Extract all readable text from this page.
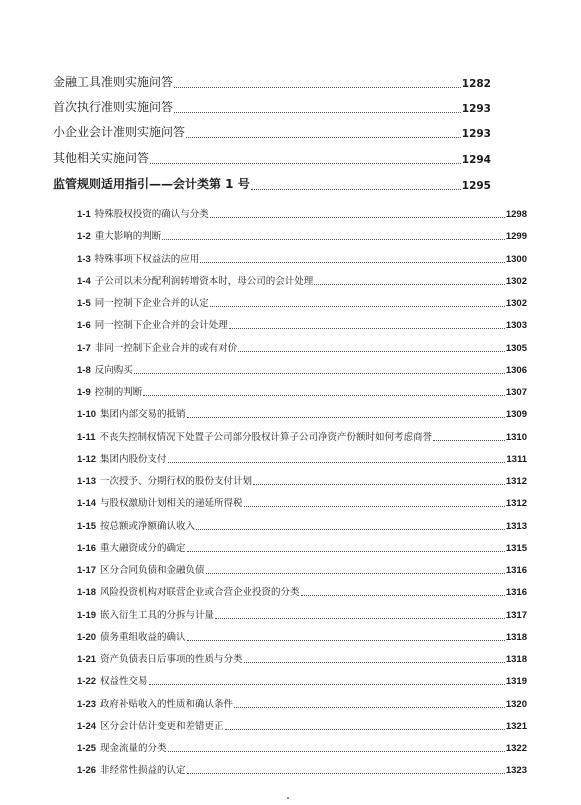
金融工具准则实施问答	1282
首次执行准则实施问答	1293
小企业会计准则实施问答	1293
其他相关实施问答	1294
监管规则适用指引——会计类第 1 号	1295
1-1 特殊股权投资的确认与分类	1298
1-2 重大影响的判断	1299
1-3 特殊事项下权益法的应用	1300
1-4 子公司以未分配利润转增资本时，母公司的会计处理	1302
1-5 同一控制下企业合并的认定	1302
1-6 同一控制下企业合并的会计处理	1303
1-7 非同一控制下企业合并的或有对价	1305
1-8 反向购买	1306
1-9 控制的判断	1307
1-10 集团内部交易的抵销	1309
1-11 不丧失控制权情况下处置子公司部分股权计算子公司净资产份额时如何考虑商誉	1310
1-12 集团内股份支付	1311
1-13 一次授予、分期行权的股份支付计划	1312
1-14 与股权激励计划相关的递延所得税	1312
1-15 按总额或净额确认收入	1313
1-16 重大融资成分的确定	1315
1-17 区分合同负债和金融负债	1316
1-18 风险投资机构对联营企业或合营企业投资的分类	1316
1-19 嵌入衍生工具的分拆与计量	1317
1-20 债务重组收益的确认	1318
1-21 资产负债表日后事项的性质与分类	1318
1-22 权益性交易	1319
1-23 政府补贴收入的性质和确认条件	1320
1-24 区分会计估计变更和差错更正	1321
1-25 现金流量的分类	1322
1-26 非经常性损益的认定	1323
